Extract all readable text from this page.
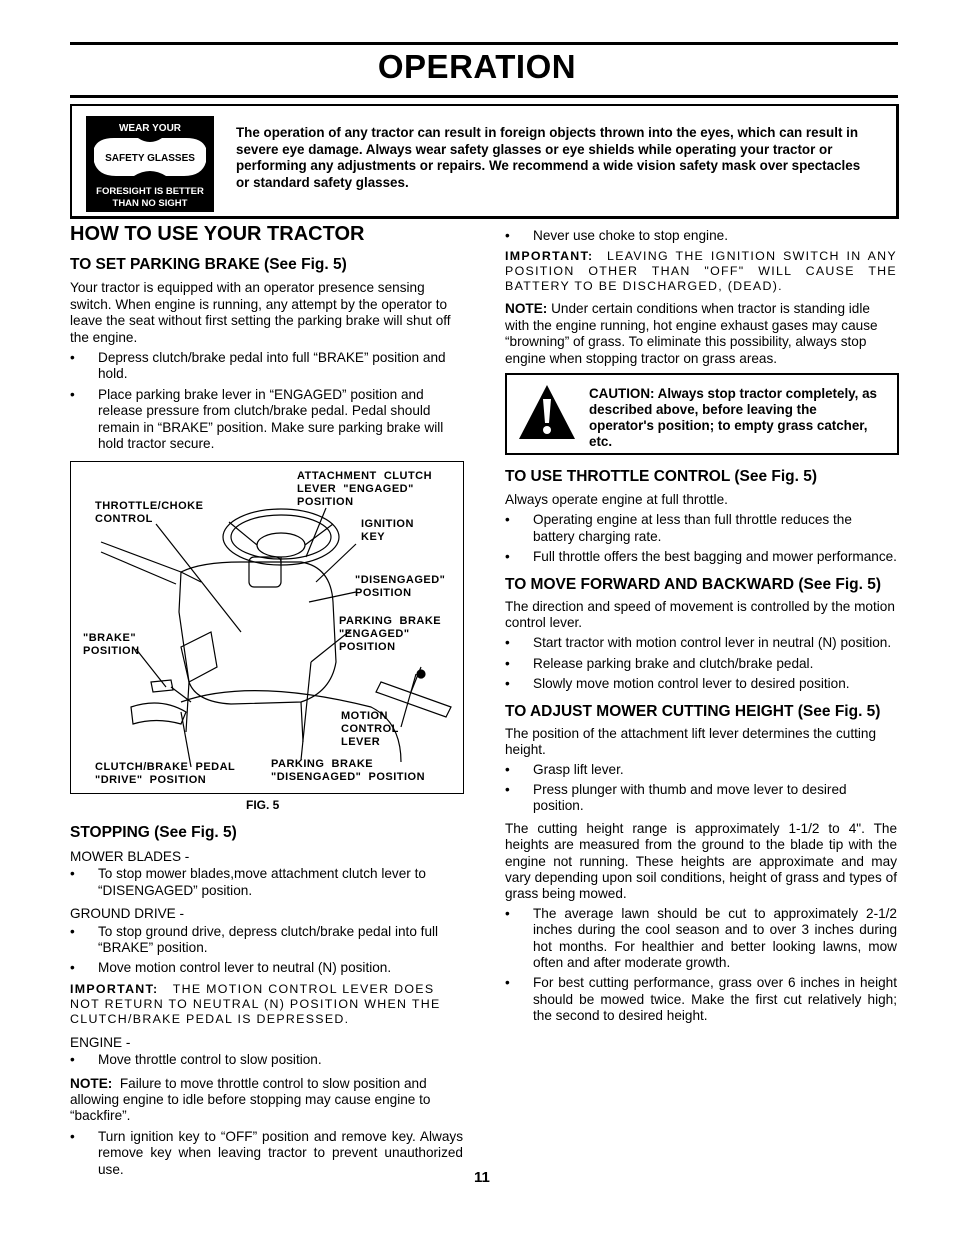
OPERATION
WEAR YOUR
SAFETY GLASSES
FORESIGHT IS BETTER
THAN NO SIGHT
The operation of any tractor can result in foreign objects thrown into the eyes, which can result in severe eye damage. Always wear safety glasses or eye shields while operating your tractor or performing any adjustments or repairs. We recommend a wide vision safety mask over spectacles or standard safety glasses.
HOW TO USE YOUR TRACTOR
TO SET PARKING BRAKE (See Fig. 5)

Your tractor is equipped with an operator presence sensing switch. When engine is running, any attempt by the operator to leave the seat without first setting the parking brake will shut off the engine.

• Depress clutch/brake pedal into full “BRAKE” position and hold.
• Place parking brake lever in “ENGAGED” position and release pressure from clutch/brake pedal. Pedal should remain in “BRAKE” position. Make sure parking brake will hold tractor secure.
ATTACHMENT  CLUTCH
LEVER  "ENGAGED"
POSITION
THROTTLE/CHOKE
CONTROL	IGNITION
KEY
"DISENGAGED"
POSITION
PARKING  BRAKE
"ENGAGED"
POSITION
"BRAKE"
POSITION
MOTION
CONTROL
LEVER
CLUTCH/BRAKE  PEDAL
"DRIVE"  POSITION
PARKING  BRAKE
"DISENGAGED"  POSITION
FIG. 5
STOPPING (See Fig. 5)

MOWER BLADES -

• To stop mower blades,move attachment clutch lever to “DISENGAGED” position.

GROUND DRIVE -

• To stop ground drive, depress clutch/brake pedal into full “BRAKE” position.
• Move motion control lever to neutral (N) position.

IMPORTANT: THE MOTION CONTROL LEVER DOES NOT RETURN TO NEUTRAL (N) POSITION WHEN THE CLUTCH/BRAKE PEDAL IS DEPRESSED.

ENGINE -

• Move throttle control to slow position.

NOTE: Failure to move throttle control to slow position and allowing engine to idle before stopping may cause engine to “backfire”.

• Turn ignition key to “OFF” position and remove key. Always remove key when leaving tractor to prevent unauthorized use.	11
• Never use choke to stop engine.

IMPORTANT: LEAVING THE IGNITION SWITCH IN ANY POSITION OTHER THAN "OFF" WILL CAUSE THE BATTERY TO BE DISCHARGED, (DEAD).

NOTE: Under certain conditions when tractor is standing idle with the engine running, hot engine exhaust gases may cause “browning” of grass. To eliminate this possibility, always stop engine when stopping tractor on grass areas.

CAUTION: Always stop tractor completely, as described above, before leaving the operator's position; to empty grass catcher, etc.
TO USE THROTTLE CONTROL (See Fig. 5)

Always operate engine at full throttle.

• Operating engine at less than full throttle reduces the battery charging rate.
• Full throttle offers the best bagging and mower performance.
TO MOVE FORWARD AND BACKWARD (See Fig. 5)

The direction and speed of movement is controlled by the motion control lever.

• Start tractor with motion control lever in neutral (N) position.
• Release parking brake and clutch/brake pedal.
• Slowly move motion control lever to desired position.
TO ADJUST MOWER CUTTING HEIGHT (See Fig. 5)

The position of the attachment lift lever determines the cutting height.

• Grasp lift lever.
• Press plunger with thumb and move lever to desired position.

The cutting height range is approximately 1-1/2 to 4". The heights are measured from the ground to the blade tip with the engine not running. These heights are approximate and may vary depending upon soil conditions, height of grass and types of grass being mowed.

• The average lawn should be cut to approximately 2-1/2 inches during the cool season and to over 3 inches during hot months. For healthier and better looking lawns, mow often and after moderate growth.
• For best cutting performance, grass over 6 inches in height should be mowed twice. Make the first cut relatively high; the second to desired height.
